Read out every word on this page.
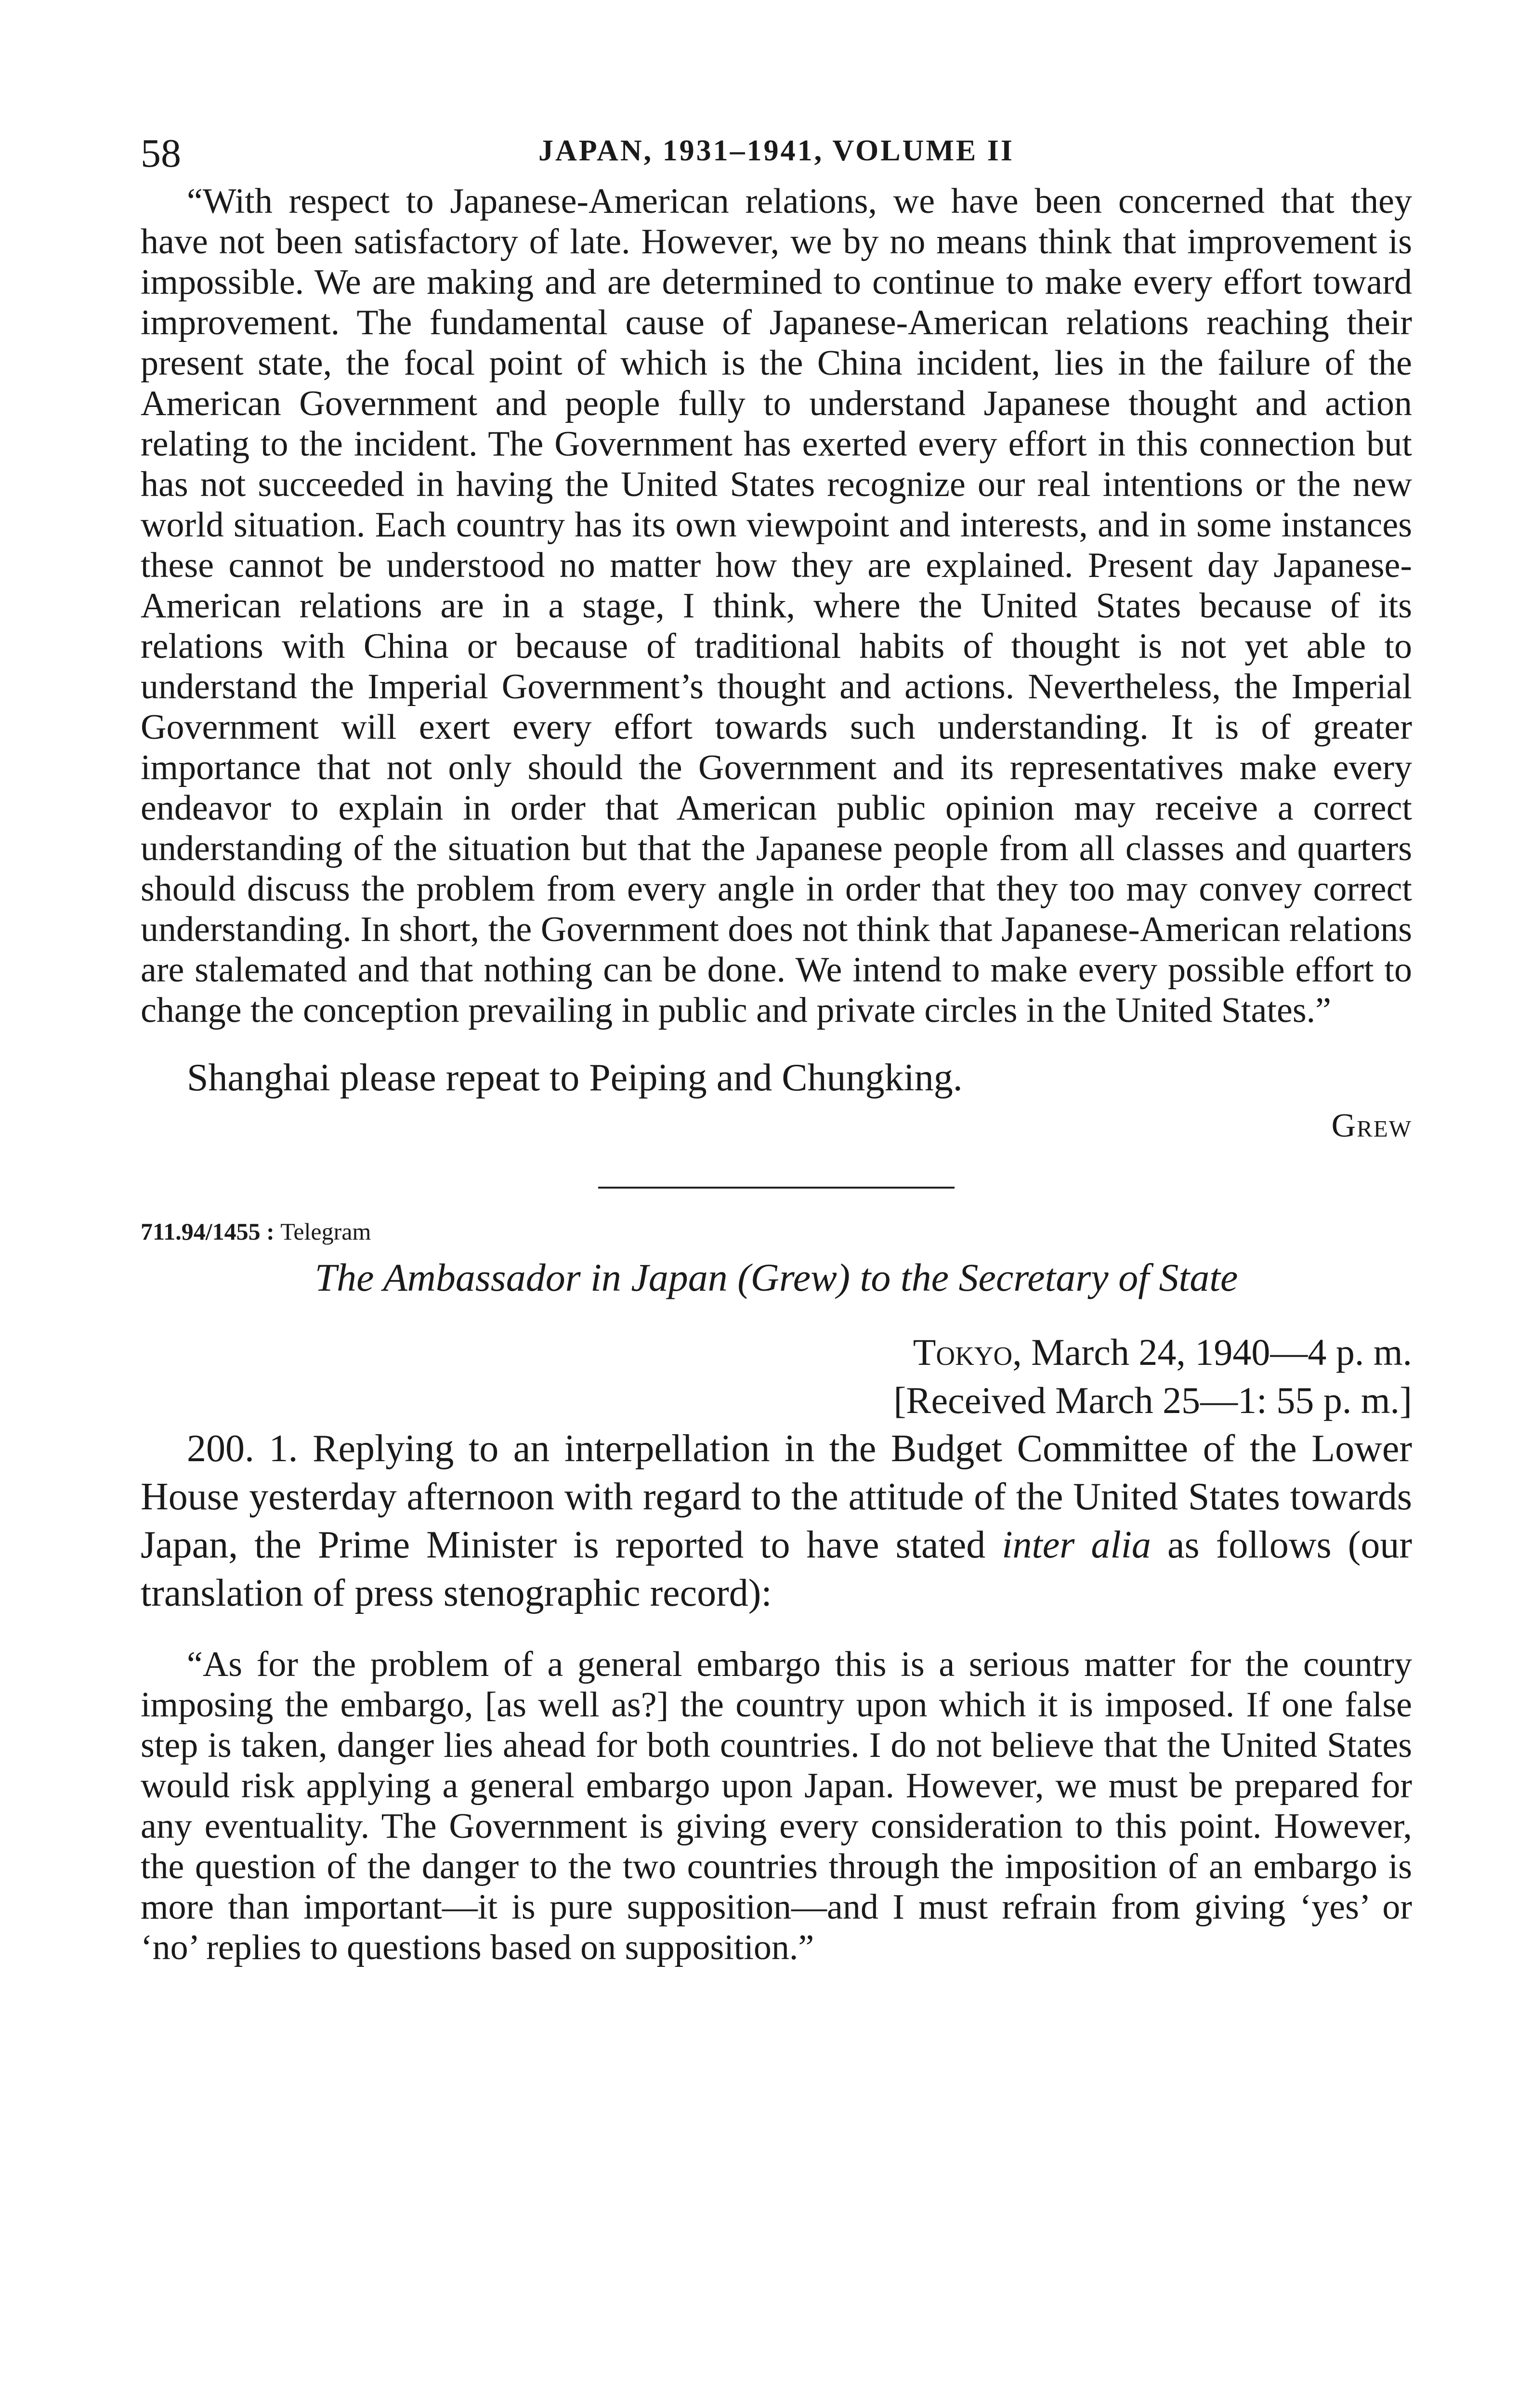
58	JAPAN, 1931–1941, VOLUME II

“With respect to Japanese-American relations, we have been concerned that they have not been satisfactory of late. However, we by no means think that improvement is impossible. We are making and are determined to continue to make every effort toward improvement. The fundamental cause of Japanese-American relations reaching their present state, the focal point of which is the China incident, lies in the failure of the American Government and people fully to understand Japanese thought and action relating to the incident. The Government has exerted every effort in this connection but has not succeeded in having the United States recognize our real intentions or the new world situation. Each country has its own viewpoint and interests, and in some instances these cannot be understood no matter how they are explained. Present day Japanese-American relations are in a stage, I think, where the United States because of its relations with China or because of traditional habits of thought is not yet able to understand the Imperial Government’s thought and actions. Nevertheless, the Imperial Government will exert every effort towards such understanding. It is of greater importance that not only should the Government and its representatives make every endeavor to explain in order that American public opinion may receive a correct understanding of the situation but that the Japanese people from all classes and quarters should discuss the problem from every angle in order that they too may convey correct understanding. In short, the Government does not think that Japanese-American relations are stalemated and that nothing can be done. We intend to make every possible effort to change the conception prevailing in public and private circles in the United States.”

Shanghai please repeat to Peiping and Chungking.

Grew
711.94/1455 : Telegram
The Ambassador in Japan (Grew) to the Secretary of State
Tokyo, March 24, 1940—4 p. m.
[Received March 25—1: 55 p. m.]

200. 1. Replying to an interpellation in the Budget Committee of the Lower House yesterday afternoon with regard to the attitude of the United States towards Japan, the Prime Minister is reported to have stated inter alia as follows (our translation of press stenographic record):

“As for the problem of a general embargo this is a serious matter for the country imposing the embargo, [as well as?] the country upon which it is imposed. If one false step is taken, danger lies ahead for both countries. I do not believe that the United States would risk applying a general embargo upon Japan. However, we must be prepared for any eventuality. The Government is giving every consideration to this point. However, the question of the danger to the two countries through the imposition of an embargo is more than important—it is pure supposition—and I must refrain from giving ‘yes’ or ‘no’ replies to questions based on supposition.”
